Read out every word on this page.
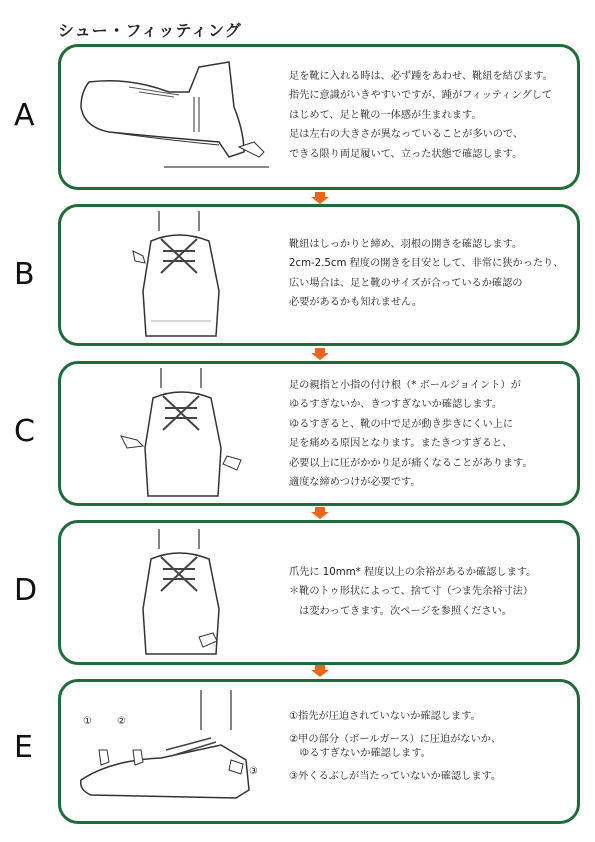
シュー・フィッティング
A
足を靴に入れる時は、必ず踵をあわせ、靴紐を結びます。
指先に意識がいきやすいですが、踵がフィッティングして
はじめて、足と靴の一体感が生まれます。
足は左右の大きさが異なっていることが多いので、
できる限り両足履いて、立った状態で確認します。
B
靴紐はしっかりと締め、羽根の開きを確認します。
2cm-2.5cm 程度の開きを目安として、非常に狭かったり、
広い場合は、足と靴のサイズが合っているか確認の
必要があるかも知れません。
C
足の親指と小指の付け根（* ボールジョイント）が
ゆるすぎないか、きつすぎないか確認します。
ゆるすぎると、靴の中で足が動き歩きにくい上に
足を痛める原因となります。またきつすぎると、
必要以上に圧がかかり足が痛くなることがあります。
適度な締めつけが必要です。
D
爪先に 10mm* 程度以上の余裕があるか確認します。
＊靴のトゥ形状によって、捨て寸（つま先余裕寸法）
　は変わってきます。次ページを参照ください。
E
①	②
③
①指先が圧迫されていないか確認します。
②甲の部分（ボールガース）に圧迫がないか、
　ゆるすぎないか確認します。
③外くるぶしが当たっていないか確認します。
